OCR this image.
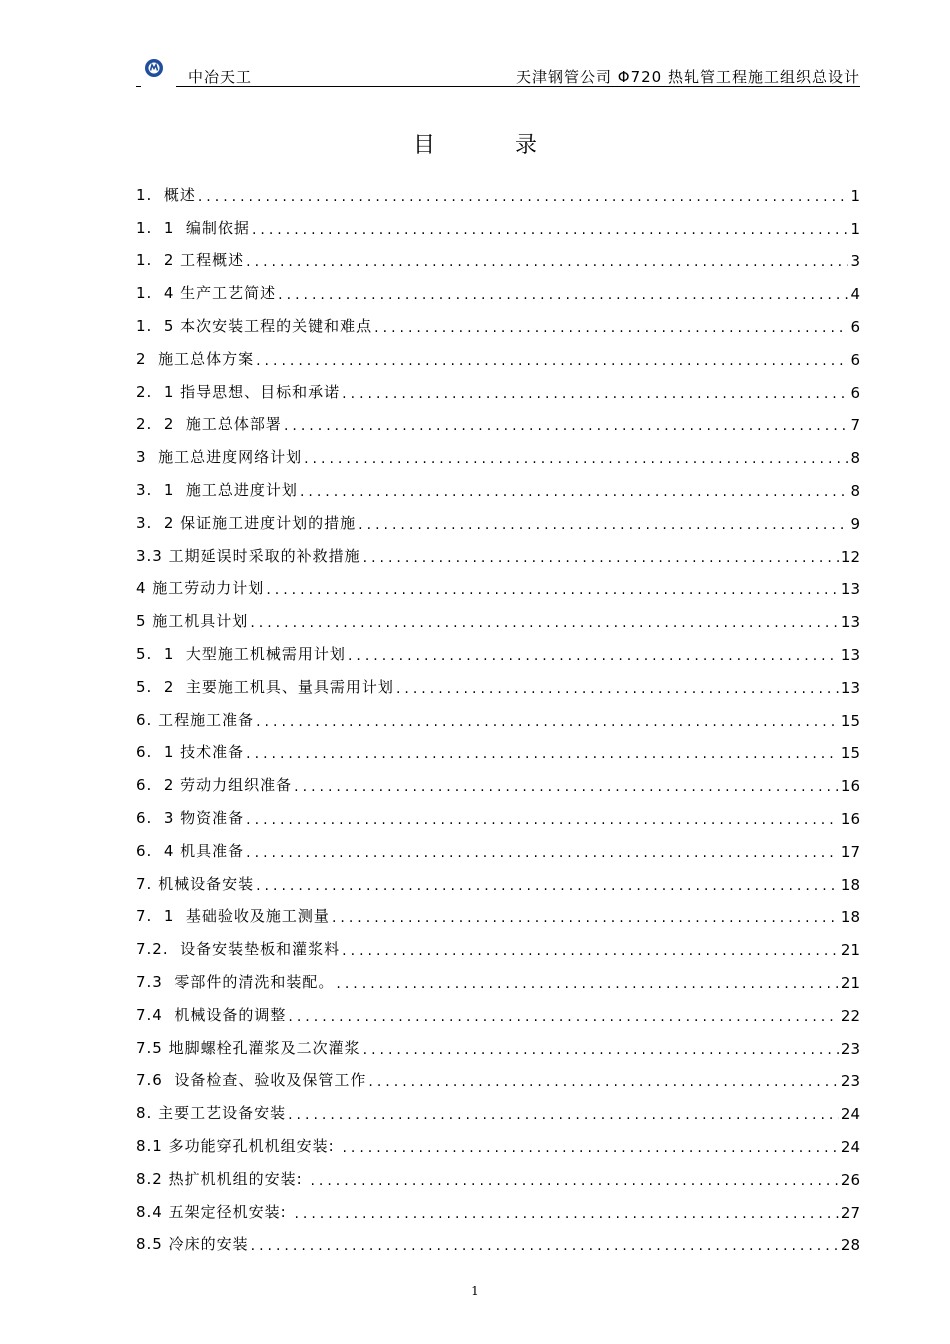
中冶天工	天津钢管公司 Φ720 热轧管工程施工组织总设计
目	录
1.  概述 .....	1
1.  1  编制依据 .....	1
1.  2 工程概述 .....	3
1.  4 生产工艺简述 .....	4
1.  5 本次安装工程的关键和难点 .....	6
2  施工总体方案 .....	6
2.  1 指导思想、目标和承诺 .....	6
2.  2  施工总体部署 .....	7
3  施工总进度网络计划 .....	8
3.  1  施工总进度计划 .....	8
3.  2 保证施工进度计划的措施 .....	9
3.3 工期延误时采取的补救措施 .....	12
4 施工劳动力计划 .....	13
5 施工机具计划 .....	13
5.  1  大型施工机械需用计划 .....	13
5.  2  主要施工机具、量具需用计划 .....	13
6. 工程施工准备 .....	15
6.  1 技术准备 .....	15
6.  2 劳动力组织准备 .....	16
6.  3 物资准备 .....	16
6.  4 机具准备 .....	17
7. 机械设备安装 .....	18
7.  1  基础验收及施工测量 .....	18
7.2.  设备安装垫板和灌浆料 .....	21
7.3  零部件的清洗和装配。 .....	21
7.4  机械设备的调整 .....	22
7.5 地脚螺栓孔灌浆及二次灌浆 .....	23
7.6  设备检查、验收及保管工作 .....	23
8. 主要工艺设备安装 .....	24
8.1 多功能穿孔机机组安装: .....	24
8.2 热扩机机组的安装: .....	26
8.4 五架定径机安装: .....	27
8.5 冷床的安装 .....	28
1
